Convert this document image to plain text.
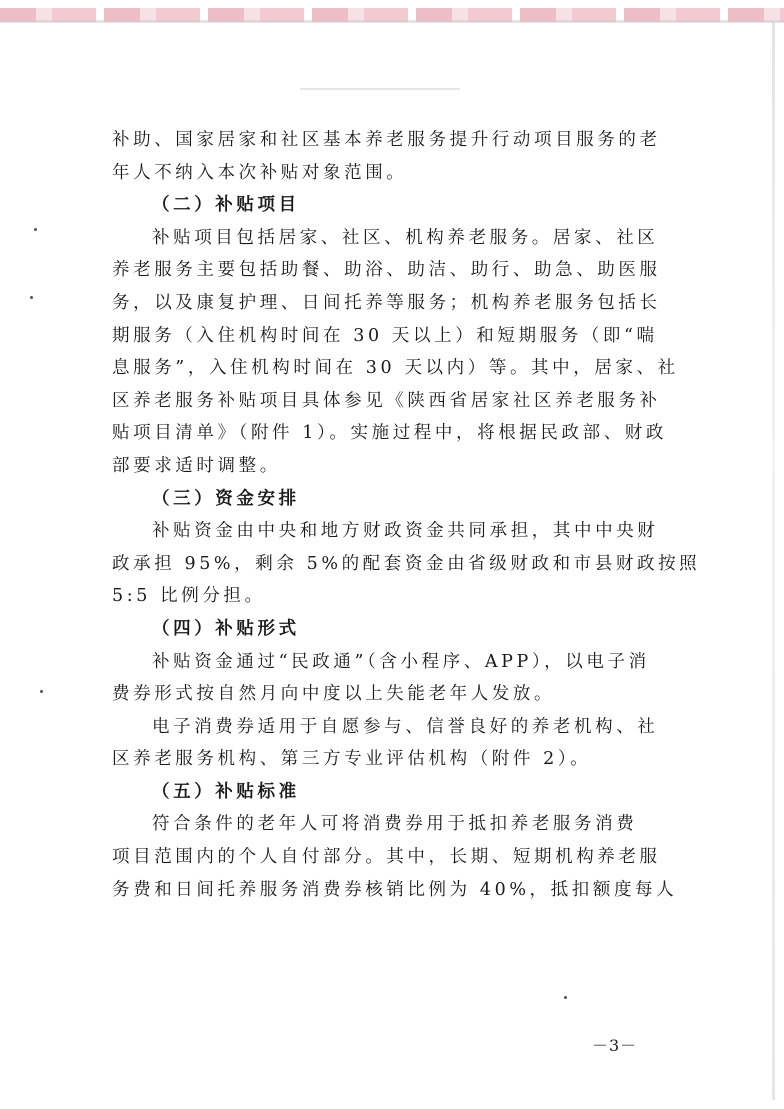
补助、国家居家和社区基本养老服务提升行动项目服务的老
年人不纳入本次补贴对象范围。
（二）补贴项目
补贴项目包括居家、社区、机构养老服务。居家、社区
养老服务主要包括助餐、助浴、助洁、助行、助急、助医服
务，以及康复护理、日间托养等服务；机构养老服务包括长
期服务（入住机构时间在 30 天以上）和短期服务（即“喘
息服务”，入住机构时间在 30 天以内）等。其中，居家、社
区养老服务补贴项目具体参见《陕西省居家社区养老服务补
贴项目清单》（附件 1）。实施过程中，将根据民政部、财政
部要求适时调整。
（三）资金安排
补贴资金由中央和地方财政资金共同承担，其中中央财
政承担 95%，剩余 5%的配套资金由省级财政和市县财政按照
5:5 比例分担。
（四）补贴形式
补贴资金通过“民政通”（含小程序、APP），以电子消
费券形式按自然月向中度以上失能老年人发放。
电子消费券适用于自愿参与、信誉良好的养老机构、社
区养老服务机构、第三方专业评估机构（附件 2）。
（五）补贴标准
符合条件的老年人可将消费券用于抵扣养老服务消费
项目范围内的个人自付部分。其中，长期、短期机构养老服
务费和日间托养服务消费券核销比例为 40%，抵扣额度每人
－3－
